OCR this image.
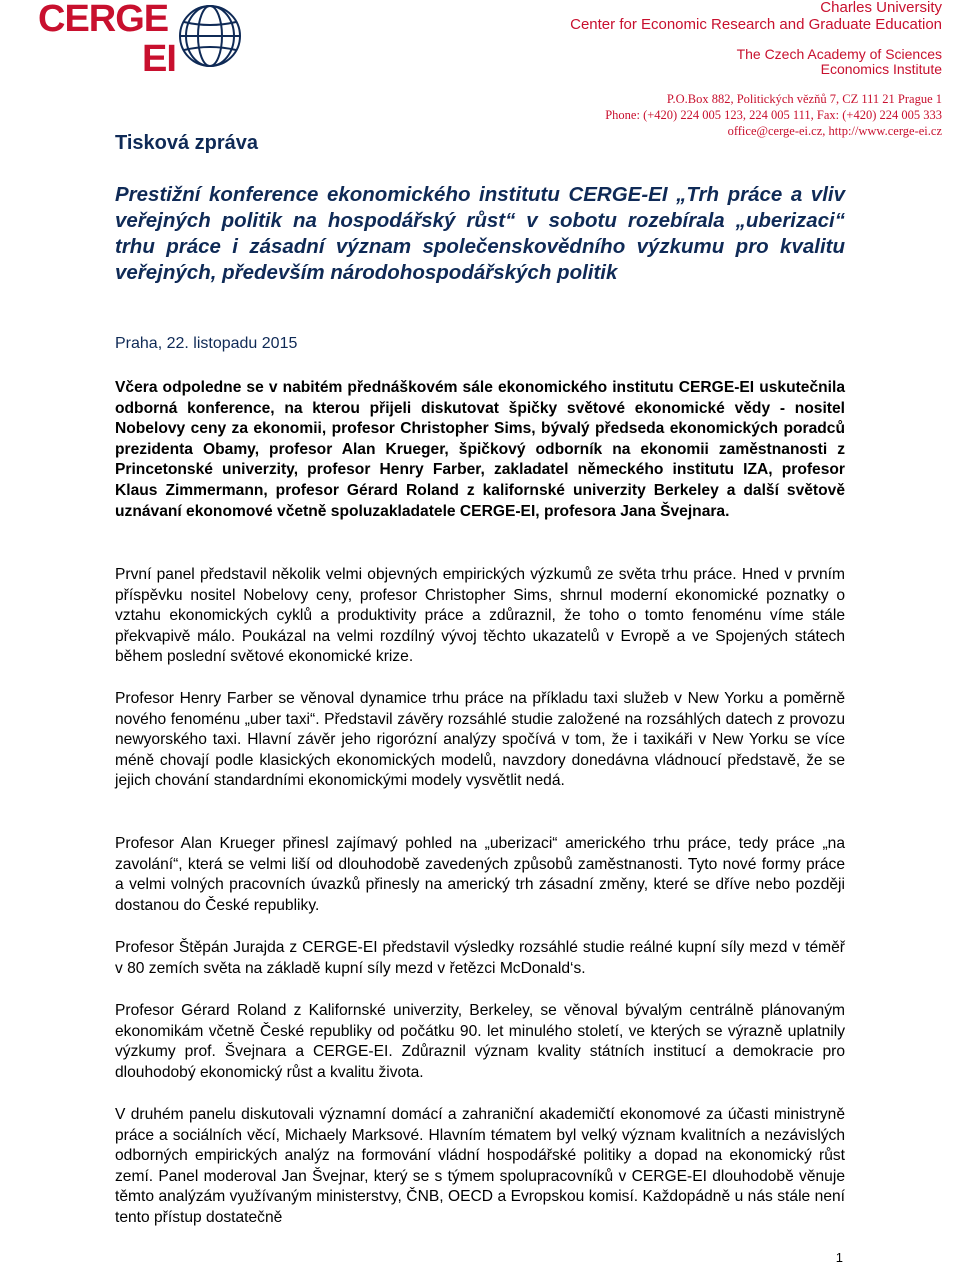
CERGE
EI
Charles University
Center for Economic Research and Graduate Education
The Czech Academy of Sciences
Economics Institute
P.O.Box 882, Politických vězňů 7, CZ 111 21 Prague 1
Phone: (+420) 224 005 123, 224 005 111, Fax: (+420) 224 005 333
office@cerge-ei.cz, http://www.cerge-ei.cz
Tisková zpráva
Prestižní konference ekonomického institutu CERGE-EI „Trh práce a vliv veřejných politik na hospodářský růst“ v sobotu rozebírala „uberizaci“ trhu práce i zásadní význam společenskovědního výzkumu pro kvalitu veřejných, především národohospodářských politik
Praha, 22. listopadu 2015
Včera odpoledne se v nabitém přednáškovém sále ekonomického institutu CERGE-EI uskutečnila odborná konference, na kterou přijeli diskutovat špičky světové ekonomické vědy - nositel Nobelovy ceny za ekonomii, profesor Christopher Sims, bývalý předseda ekonomických poradců prezidenta Obamy, profesor Alan Krueger, špičkový odborník na ekonomii zaměstnanosti z Princetonské univerzity, profesor Henry Farber, zakladatel německého institutu IZA, profesor Klaus Zimmermann, profesor Gérard Roland z kalifornské univerzity Berkeley a další světově uznávaní ekonomové včetně spoluzakladatele CERGE-EI, profesora Jana Švejnara.
První panel představil několik velmi objevných empirických výzkumů ze světa trhu práce. Hned v prvním příspěvku nositel Nobelovy ceny, profesor Christopher Sims, shrnul moderní ekonomické poznatky o vztahu ekonomických cyklů a produktivity práce a zdůraznil, že toho o tomto fenoménu víme stále překvapivě málo. Poukázal na velmi rozdílný vývoj těchto ukazatelů v Evropě a ve Spojených státech během poslední světové ekonomické krize.
Profesor Henry Farber se věnoval dynamice trhu práce na příkladu taxi služeb v New Yorku a poměrně nového fenoménu „uber taxi“. Představil závěry rozsáhlé studie založené na rozsáhlých datech z provozu newyorského taxi. Hlavní závěr jeho rigorózní analýzy spočívá v tom, že i taxikáři v New Yorku se více méně chovají podle klasických ekonomických modelů, navzdory donedávna vládnoucí představě, že se jejich chování standardními ekonomickými modely vysvětlit nedá.
Profesor Alan Krueger přinesl zajímavý pohled na „uberizaci“ amerického trhu práce, tedy práce „na zavolání“, která se velmi liší od dlouhodobě zavedených způsobů zaměstnanosti. Tyto nové formy práce a velmi volných pracovních úvazků přinesly na americký trh zásadní změny, které se dříve nebo později dostanou do České republiky.
Profesor Štěpán Jurajda z CERGE-EI představil výsledky rozsáhlé studie reálné kupní síly mezd v téměř v 80 zemích světa na základě kupní síly mezd v řetězci McDonald‘s.
Profesor Gérard Roland z Kalifornské univerzity, Berkeley, se věnoval bývalým centrálně plánovaným ekonomikám včetně České republiky od počátku 90. let minulého století, ve kterých se výrazně uplatnily výzkumy prof. Švejnara a CERGE-EI. Zdůraznil význam kvality státních institucí a demokracie pro dlouhodobý ekonomický růst a kvalitu života.
V druhém panelu diskutovali významní domácí a zahraniční akademičtí ekonomové za účasti ministryně práce a sociálních věcí, Michaely Marksové. Hlavním tématem byl velký význam kvalitních a nezávislých odborných empirických analýz na formování vládní hospodářské politiky a dopad na ekonomický růst zemí. Panel moderoval Jan Švejnar, který se s týmem spolupracovníků v CERGE-EI dlouhodobě věnuje těmto analýzám využívaným ministerstvy, ČNB, OECD a Evropskou komisí. Každopádně u nás stále není tento přístup dostatečně
1
